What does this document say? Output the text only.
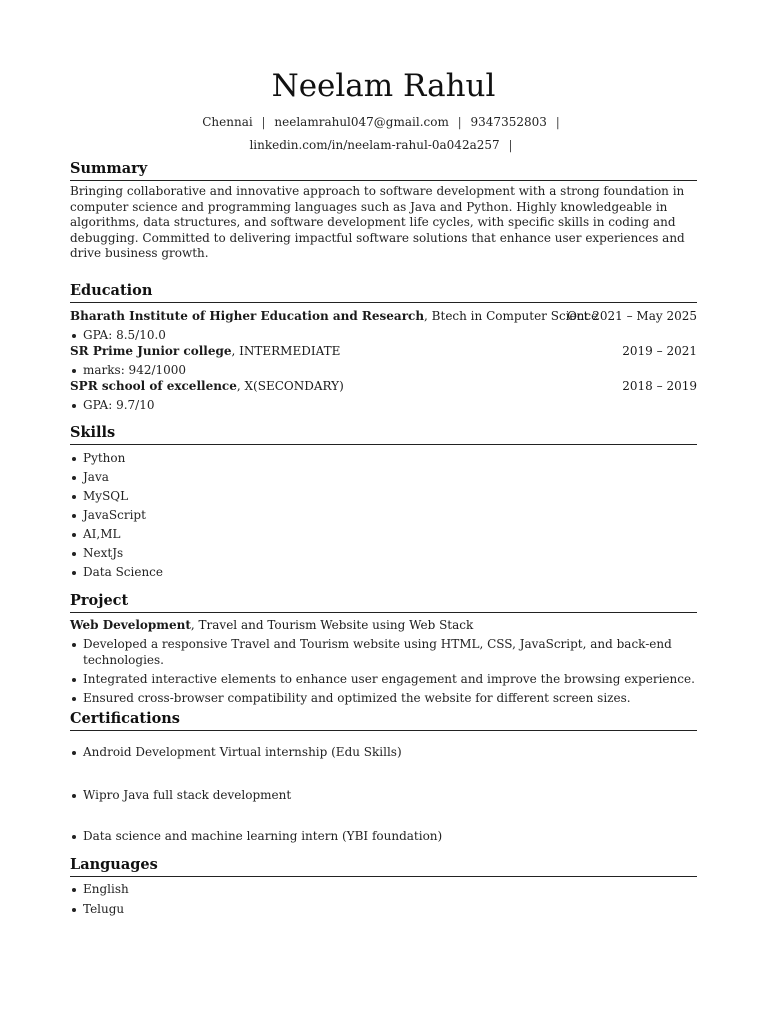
Neelam Rahul
Chennai | neelamrahul047@gmail.com | 9347352803 |
linkedin.com/in/neelam-rahul-0a042a257 |
Summary

Bringing collaborative and innovative approach to software development with a strong foundation in computer science and programming languages such as Java and Python. Highly knowledgeable in algorithms, data structures, and software development life cycles, with specific skills in coding and debugging. Committed to delivering impactful software solutions that enhance user experiences and drive business growth.

Education
Bharath Institute of Higher Education and Research, Btech in Computer Science
Oct 2021 – May 2025
GPA: 8.5/10.0
SR Prime Junior college, INTERMEDIATE	2019 – 2021
marks: 942/1000
SPR school of excellence, X(SECONDARY)	2018 – 2019
GPA: 9.7/10
Skills
Python
Java
MySQL
JavaScript
AI,ML
NextJs
Data Science
Project
Web Development, Travel and Tourism Website using Web Stack
Developed a responsive Travel and Tourism website using HTML, CSS, JavaScript, and back-end technologies.
Integrated interactive elements to enhance user engagement and improve the browsing experience.
Ensured cross-browser compatibility and optimized the website for different screen sizes.
Certifications
Android Development Virtual internship (Edu Skills)
Wipro Java full stack development
Data science and machine learning intern (YBI foundation)
Languages
English
Telugu
